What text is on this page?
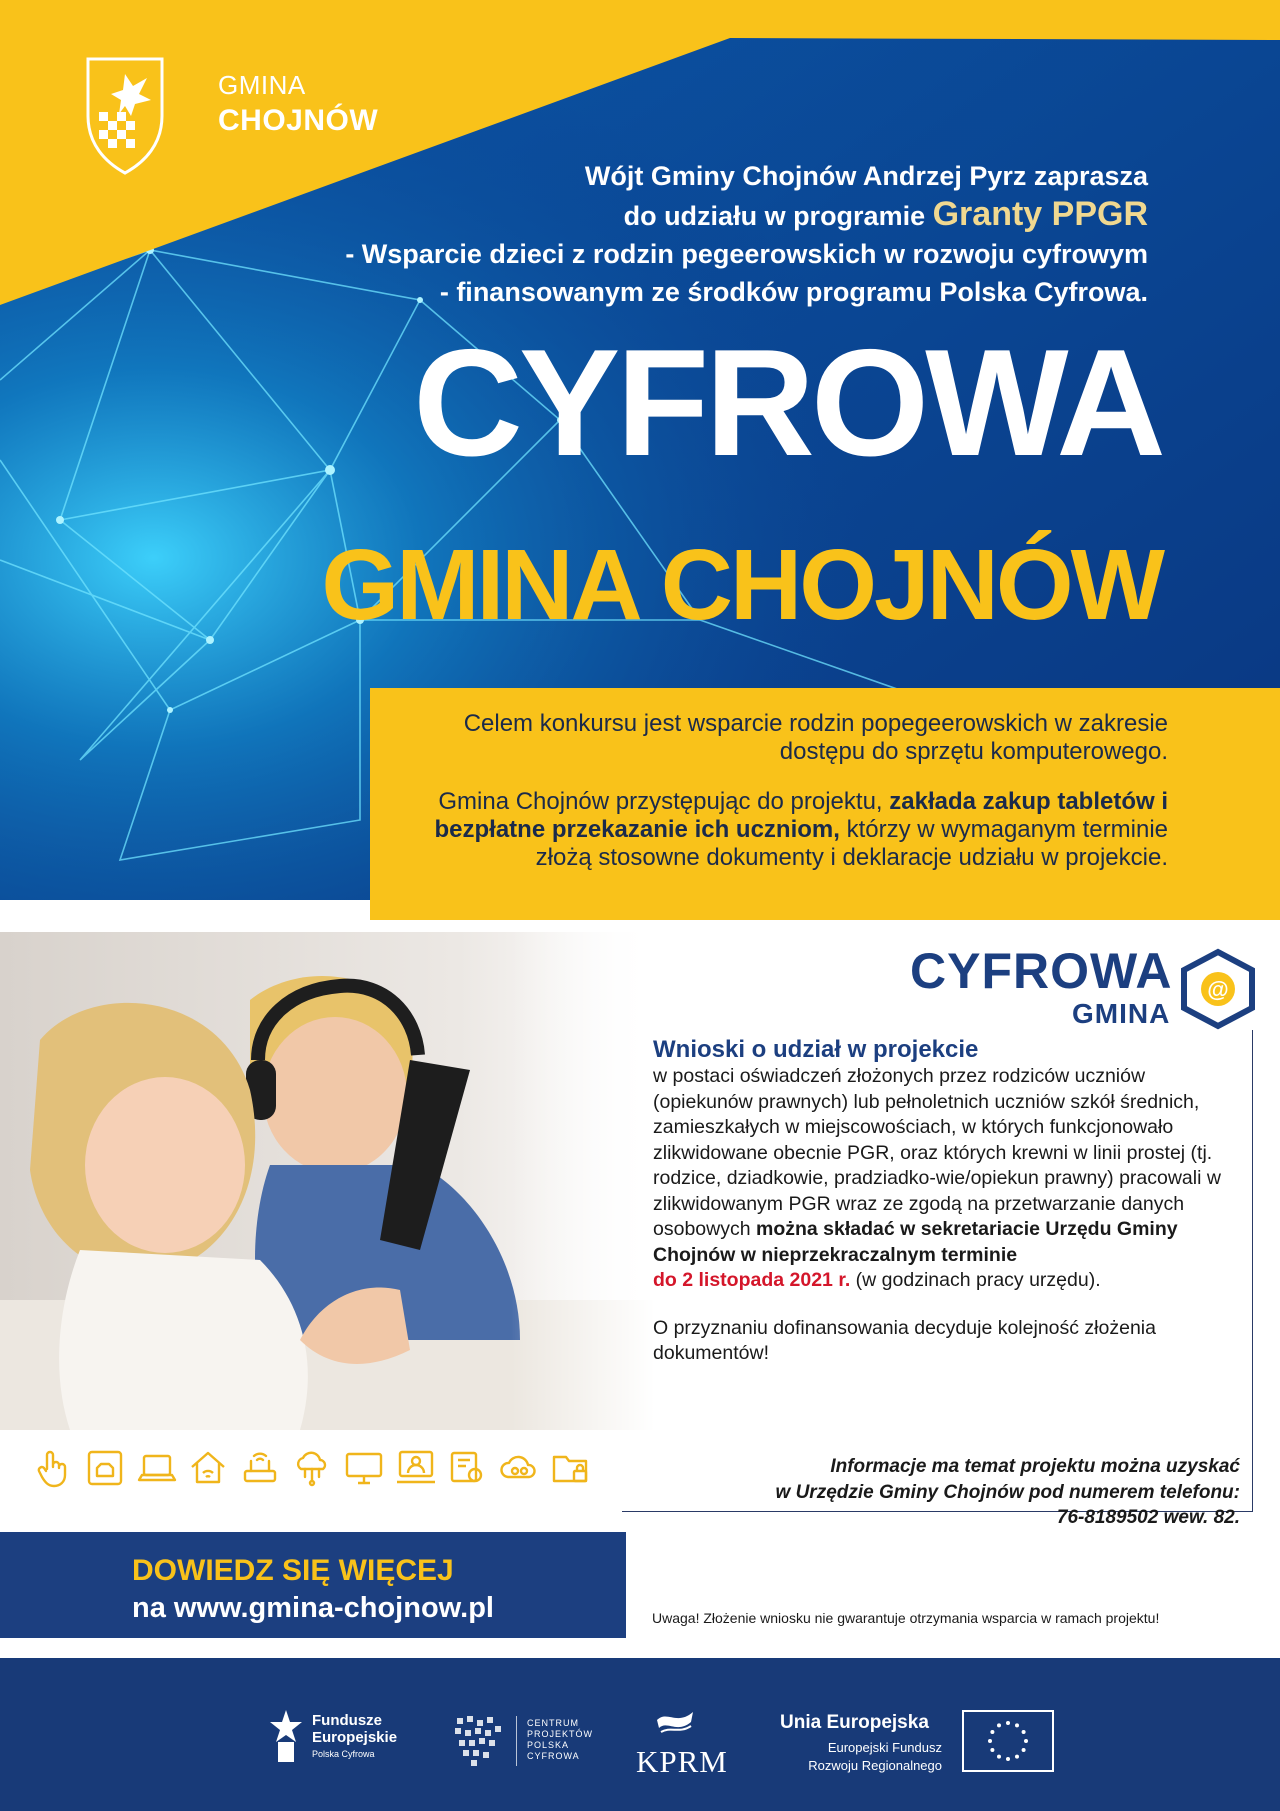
GMINA
CHOJNÓW
Wójt Gminy Chojnów Andrzej Pyrz zaprasza
do udziału w programie Granty PPGR
- Wsparcie dzieci z rodzin pegeerowskich w rozwoju cyfrowym
- finansowanym ze środków programu Polska Cyfrowa.
CYFROWA
GMINA CHOJNÓW

Celem konkursu jest wsparcie rodzin popegeerowskich w zakresie dostępu do sprzętu komputerowego.

Gmina Chojnów przystępując do projektu, zakłada zakup tabletów i bezpłatne przekazanie ich uczniom, którzy w wymaganym terminie złożą stosowne dokumenty i deklaracje udziału w projekcie.

CYFROWA
GMINA
@

Wnioski o udział w projekcie

w postaci oświadczeń złożonych przez rodziców uczniów (opiekunów prawnych) lub pełnoletnich uczniów szkół średnich, zamieszkałych w miejscowościach, w których funkcjonowało zlikwidowane obecnie PGR, oraz których krewni w linii prostej (tj. rodzice, dziadkowie, pradziadko-wie/opiekun prawny) pracowali w zlikwidowanym PGR wraz ze zgodą na przetwarzanie danych osobowych można składać w sekretariacie Urzędu Gminy Chojnów w nieprzekraczalnym terminie
do 2 listopada 2021 r. (w godzinach pracy urzędu).

O przyznaniu dofinansowania decyduje kolejność złożenia dokumentów!

Informacje ma temat projektu można uzyskać
w Urzędzie Gminy Chojnów pod numerem telefonu:
76-8189502 wew. 82.
DOWIEDZ SIĘ WIĘCEJ
na www.gmina-chojnow.pl	Uwaga! Złożenie wniosku nie gwarantuje otrzymania wsparcia w ramach projektu!
Fundusze
Europejskie
Polska Cyfrowa
CENTRUM
PROJEKTÓW
POLSKA
CYFROWA	KPRM
Unia Europejska
Europejski Fundusz
Rozwoju Regionalnego
